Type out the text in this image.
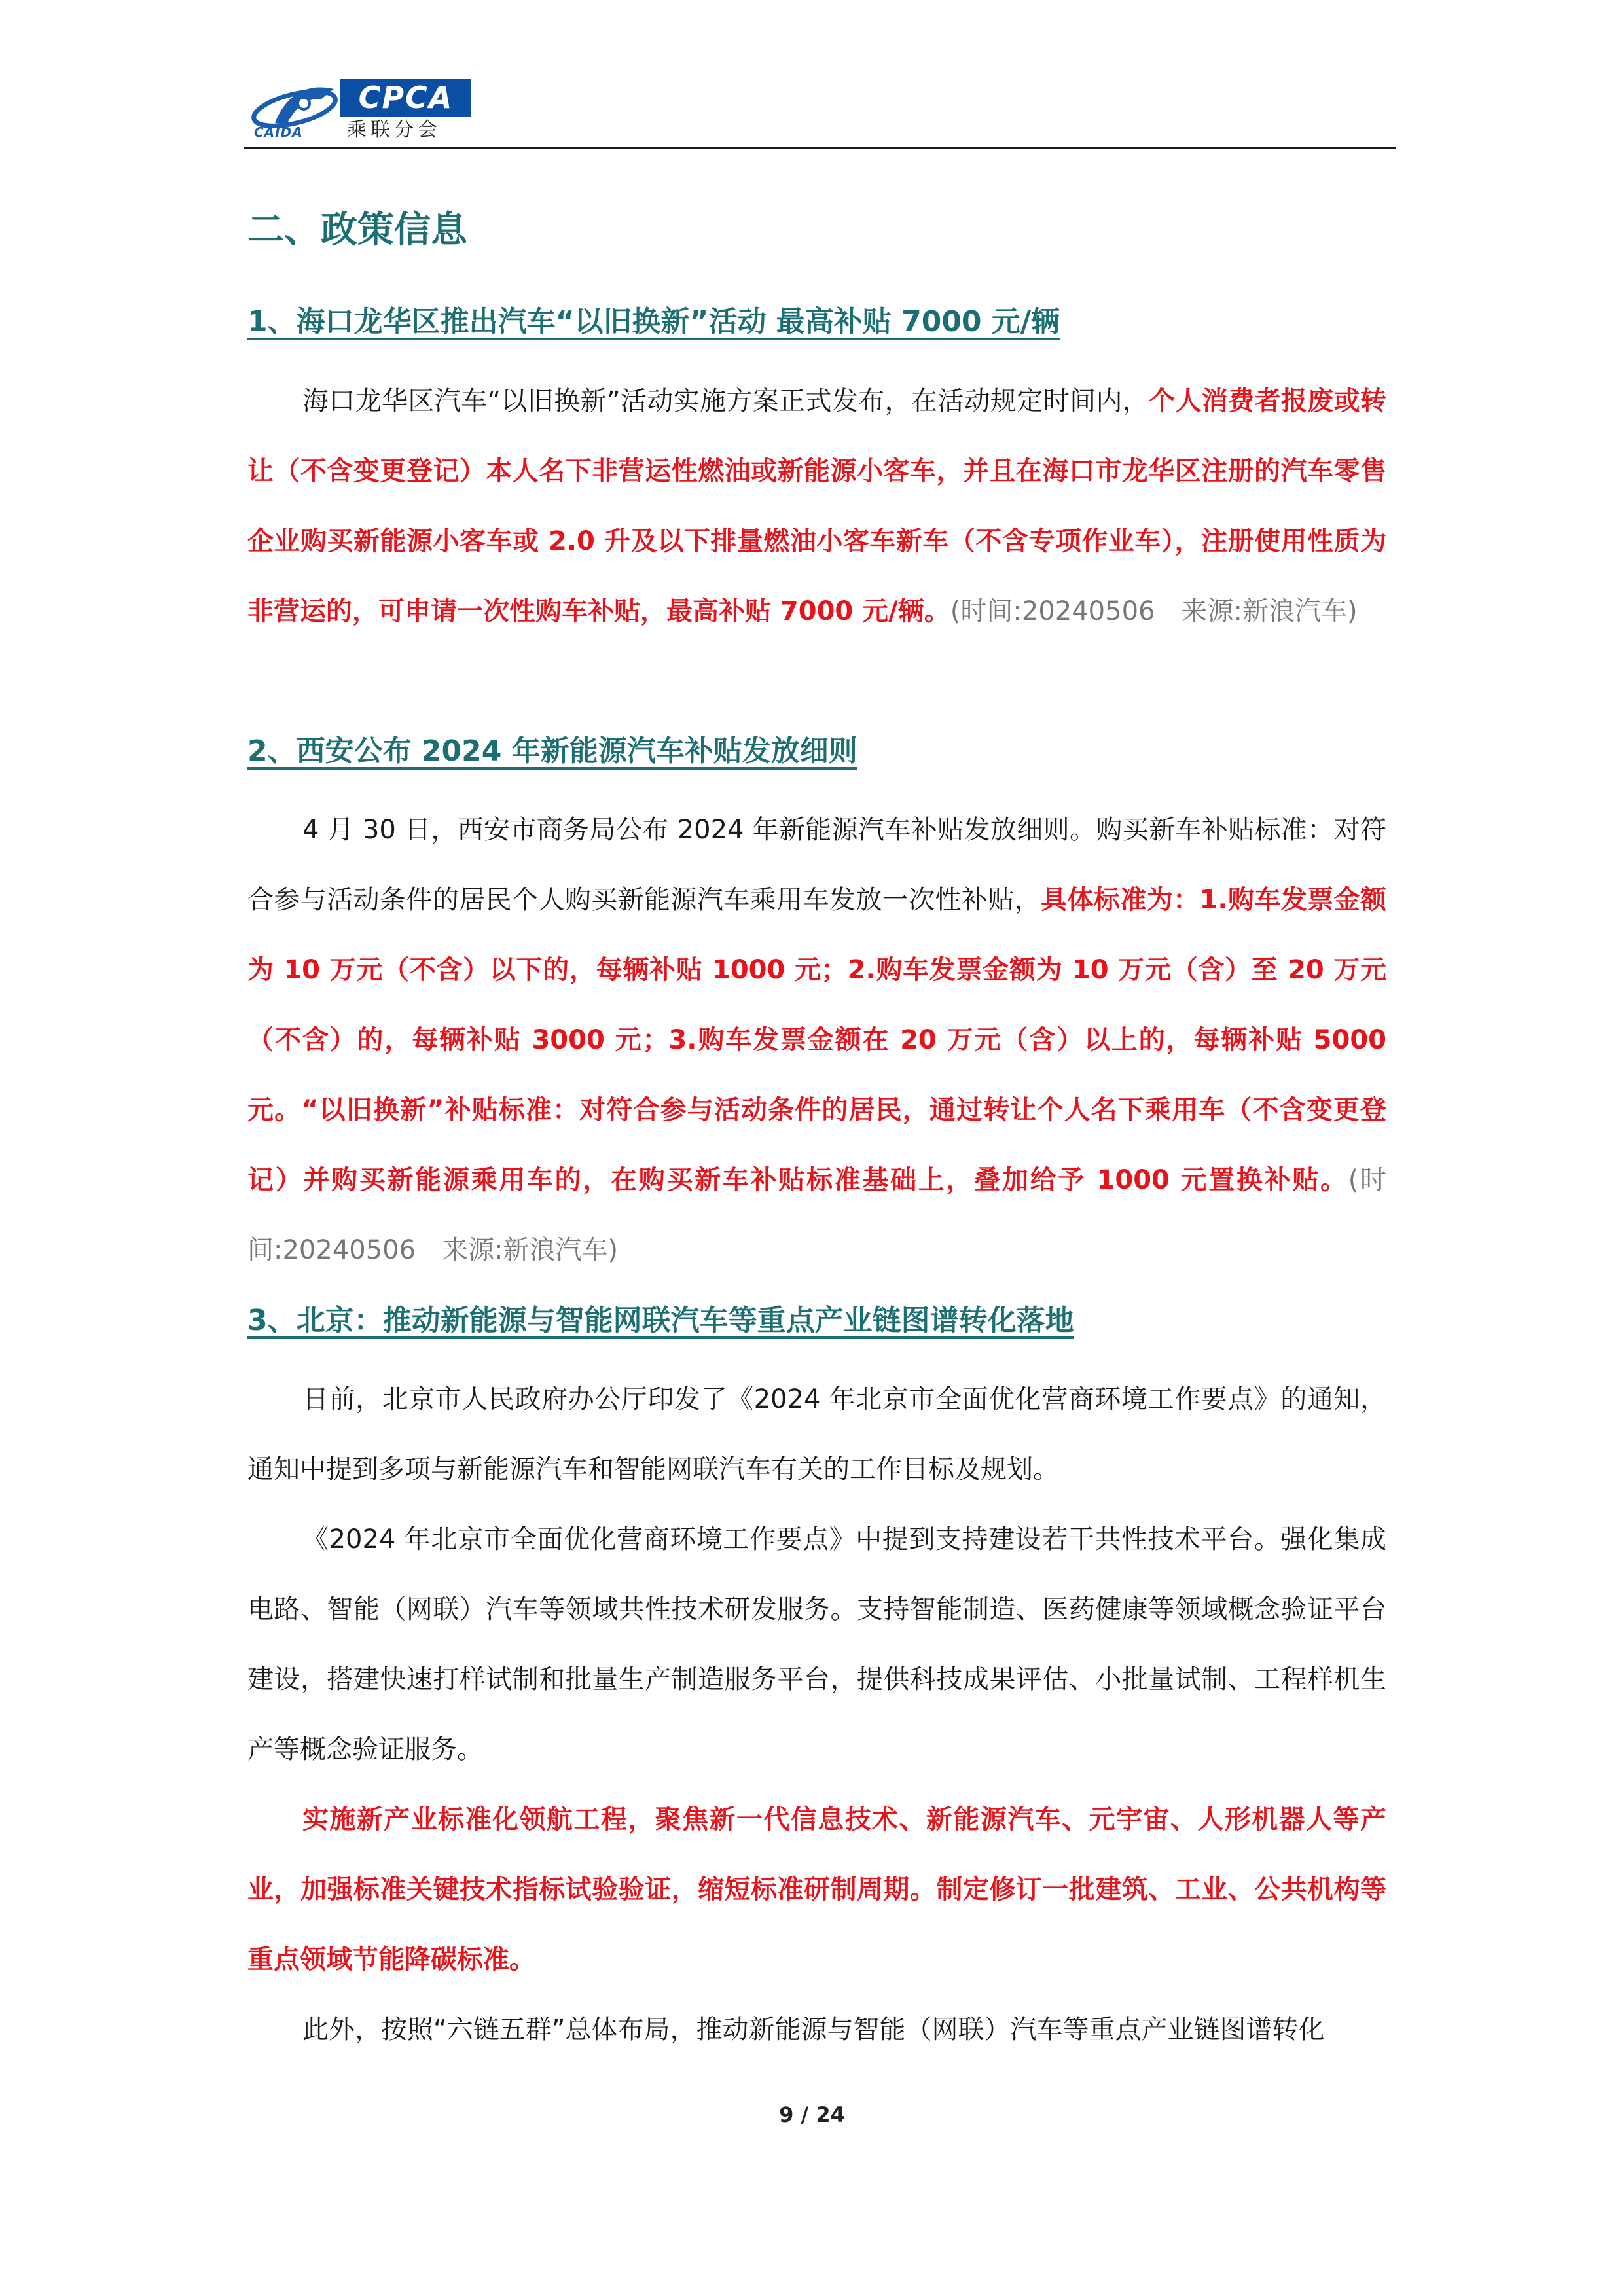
CAIDA
CPCA
乘联分会
二、政策信息
1、海口龙华区推出汽车“以旧换新”活动 最高补贴 7000 元/辆

海口龙华区汽车“以旧换新”活动实施方案正式发布，在活动规定时间内，个人消费者报废或转让（不含变更登记）本人名下非营运性燃油或新能源小客车，并且在海口市龙华区注册的汽车零售企业购买新能源小客车或 2.0 升及以下排量燃油小客车新车（不含专项作业车），注册使用性质为非营运的，可申请一次性购车补贴，最高补贴 7000 元/辆。(时间:20240506　来源:新浪汽车)

2、西安公布 2024 年新能源汽车补贴发放细则

4 月 30 日，西安市商务局公布 2024 年新能源汽车补贴发放细则。购买新车补贴标准：对符合参与活动条件的居民个人购买新能源汽车乘用车发放一次性补贴，具体标准为：1.购车发票金额为 10 万元（不含）以下的，每辆补贴 1000 元；2.购车发票金额为 10 万元（含）至 20 万元（不含）的，每辆补贴 3000 元；3.购车发票金额在 20 万元（含）以上的，每辆补贴 5000 元。“以旧换新”补贴标准：对符合参与活动条件的居民，通过转让个人名下乘用车（不含变更登记）并购买新能源乘用车的，在购买新车补贴标准基础上，叠加给予 1000 元置换补贴。(时间:20240506　来源:新浪汽车)

3、北京：推动新能源与智能网联汽车等重点产业链图谱转化落地

日前，北京市人民政府办公厅印发了《2024 年北京市全面优化营商环境工作要点》的通知，通知中提到多项与新能源汽车和智能网联汽车有关的工作目标及规划。

《2024 年北京市全面优化营商环境工作要点》中提到支持建设若干共性技术平台。强化集成电路、智能（网联）汽车等领域共性技术研发服务。支持智能制造、医药健康等领域概念验证平台建设，搭建快速打样试制和批量生产制造服务平台，提供科技成果评估、小批量试制、工程样机生产等概念验证服务。

实施新产业标准化领航工程，聚焦新一代信息技术、新能源汽车、元宇宙、人形机器人等产业，加强标准关键技术指标试验验证，缩短标准研制周期。制定修订一批建筑、工业、公共机构等重点领域节能降碳标准。

此外，按照“六链五群”总体布局，推动新能源与智能（网联）汽车等重点产业链图谱转化

9 / 24
